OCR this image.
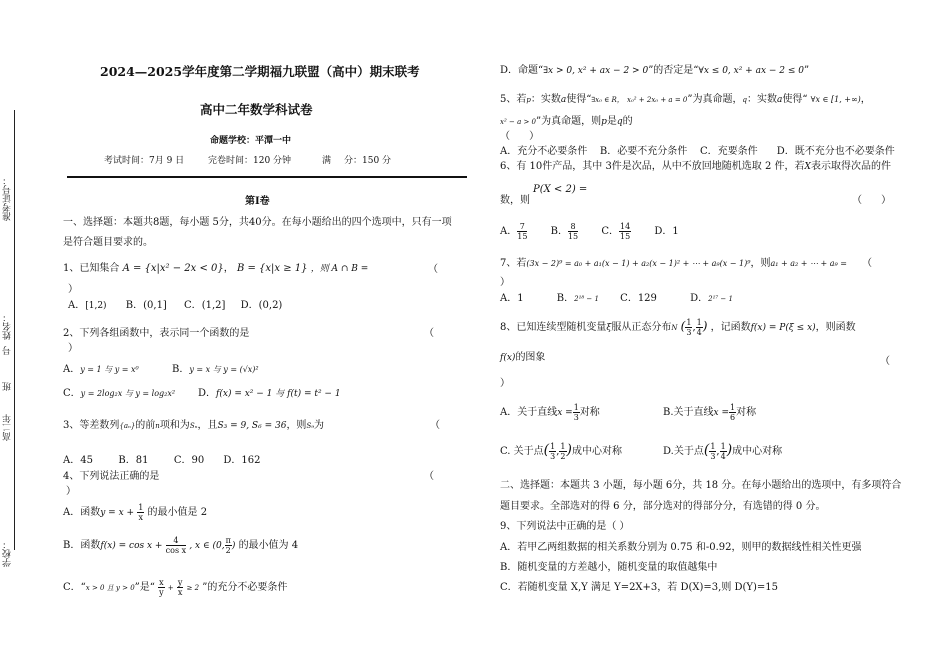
准考证号：
姓名：
号
班
高二年
学校：
2024—2025学年度第二学期福九联盟（高中）期末联考
高中二年数学科试卷
命题学校：平潭一中
考试时间：7月 9 日	完卷时间：120 分钟	满 分：150 分
第Ⅰ卷
一、选择题：本题共8题，每小题 5分，共40分。在每小题给出的四个选项中，只有一项
是符合题目要求的。
1、已知集合 A = {x|x² − 2x < 0}， B = {x|x ≥ 1} ，则 A ∩ B =	（
）
A．[1,2) B．(0,1] C．(1,2] D．(0,2)
2、下列各组函数中，表示同一个函数的是	（
）
A．y = 1 与 y = x⁰	B．y = x 与 y = (√x)²
C．y = 2log₂x 与 y = log₂x² D．f(x) = x² − 1 与 f(t) = t² − 1
3、等差数列{aₙ}的前n项和为Sₙ，且S₃ = 9, S₆ = 36，则S₉为	（
A．45        B．81        C．90      D．162
4、下列说法正确的是	（
）
A．函数$y = x + \frac{1}{x}$ 的最小值是 2
B．函数$f(x) = \cos x + \frac{4}{\text{cos x}}$ , x ∈ (0, $\frac{\pi}{2}$ ) 的最小值为 4
C．“x > 0 且 y > 0”是“ $\frac{x}{y} + \frac{y}{x} \ge 2$ ”的充分不必要条件
D．命题“∃x > 0, x² + ax − 2 > 0”的否定是“∀x ≤ 0, x² + ax − 2 ≤ 0”
5、若p：实数a使得“∃x₀ ∈ R， x₀² + 2x₀ + a = 0”为真命题，q：实数a使得“ ∀x ∈ [1, +∞)，
x² − a > 0”为真命题，则p是q的
（      ）
A．充分不必要条件    B．必要不充分条件    C．充要条件      D．既不充分也不必要条件
6、有 10件产品，其中 3件是次品，从中不放回地随机选取 2 件，若X表示取得次品的件
P(X < 2) =
数，则	（      ）
A． $\frac{7}{15}$ B． $\frac{8}{15}$ C． $\frac{14}{15}$ D．1
7、若(3x − 2)⁹ = a₀ + a₁(x − 1) + a₂(x − 1)² + ⋯ + a₉(x − 1)⁹，则a₁ + a₂ + ⋯ + a₉ = （
）
A．1	B．2¹⁸ − 1 C．129	D．2¹⁷ − 1
8、已知连续型随机变量ξ服从正态分布N ( $\frac{1}{3}$ , $\frac{1}{4}$ ) ，记函数f(x) = P(ξ ≤ x)，则函数
f(x)的图象	（
）
A．关于直线$x = \frac{1}{3}$ 对称	B.关于直线$x = \frac{1}{6}$ 对称
C. 关于点( $\frac{1}{3}$ , $\frac{1}{2}$ )成中心对称	D.关于点( $\frac{1}{3}$ , $\frac{1}{4}$ )成中心对称
二、选择题：本题共 3 小题，每小题 6分，共 18 分。在每小题给出的选项中，有多项符合
题目要求。全部选对的得 6 分，部分选对的得部分分，有选错的得 0 分。
9、下列说法中正确的是（ ）
A．若甲乙两组数据的相关系数分别为 0.75 和-0.92，则甲的数据线性相关性更强
B．随机变量的方差越小，随机变量的取值越集中
C．若随机变量 X,Y 满足 Y=2X+3，若 D(X)=3,则 D(Y)=15
